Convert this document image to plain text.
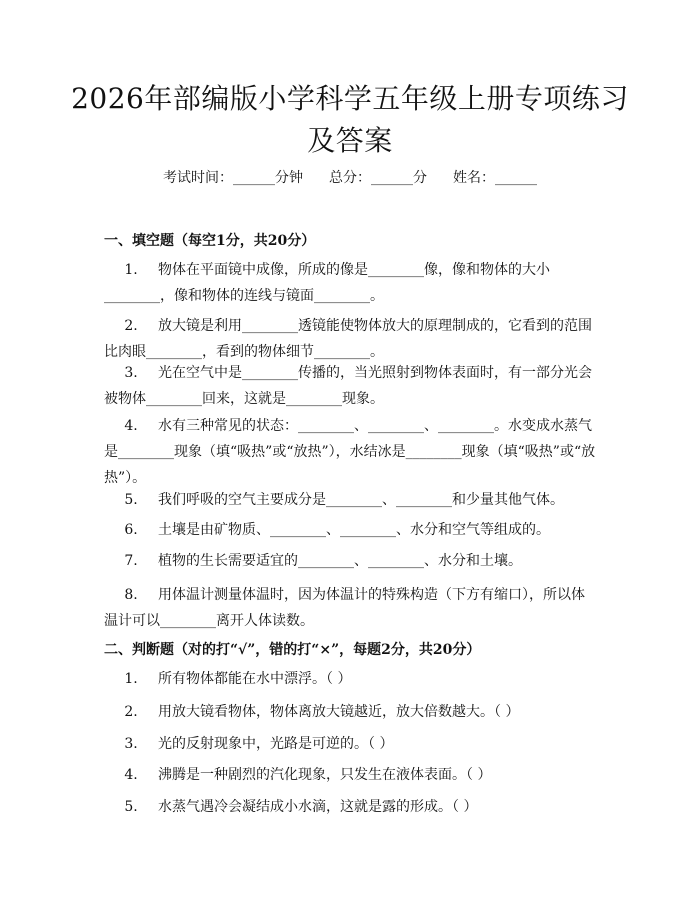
2026年部编版小学科学五年级上册专项练习及答案
考试时间：______分钟 总分：______分 姓名：______
一、填空题（每空1分，共20分）
1. 物体在平面镜中成像，所成的像是________像，像和物体的大小________，像和物体的连线与镜面________。
2. 放大镜是利用________透镜能使物体放大的原理制成的，它看到的范围比肉眼________，看到的物体细节________。
3. 光在空气中是________传播的，当光照射到物体表面时，有一部分光会被物体________回来，这就是________现象。
4. 水有三种常见的状态：________、________、________。水变成水蒸气是________现象（填“吸热”或“放热”），水结冰是________现象（填“吸热”或“放热”）。
5. 我们呼吸的空气主要成分是________、________和少量其他气体。
6. 土壤是由矿物质、________、________、水分和空气等组成的。
7. 植物的生长需要适宜的________、________、水分和土壤。
8. 用体温计测量体温时，因为体温计的特殊构造（下方有缩口），所以体温计可以________离开人体读数。
二、判断题（对的打“√”，错的打“×”，每题2分，共20分）
1. 所有物体都能在水中漂浮。（ ）
2. 用放大镜看物体，物体离放大镜越近，放大倍数越大。（ ）
3. 光的反射现象中，光路是可逆的。（ ）
4. 沸腾是一种剧烈的汽化现象，只发生在液体表面。（ ）
5. 水蒸气遇冷会凝结成小水滴，这就是露的形成。（ ）
